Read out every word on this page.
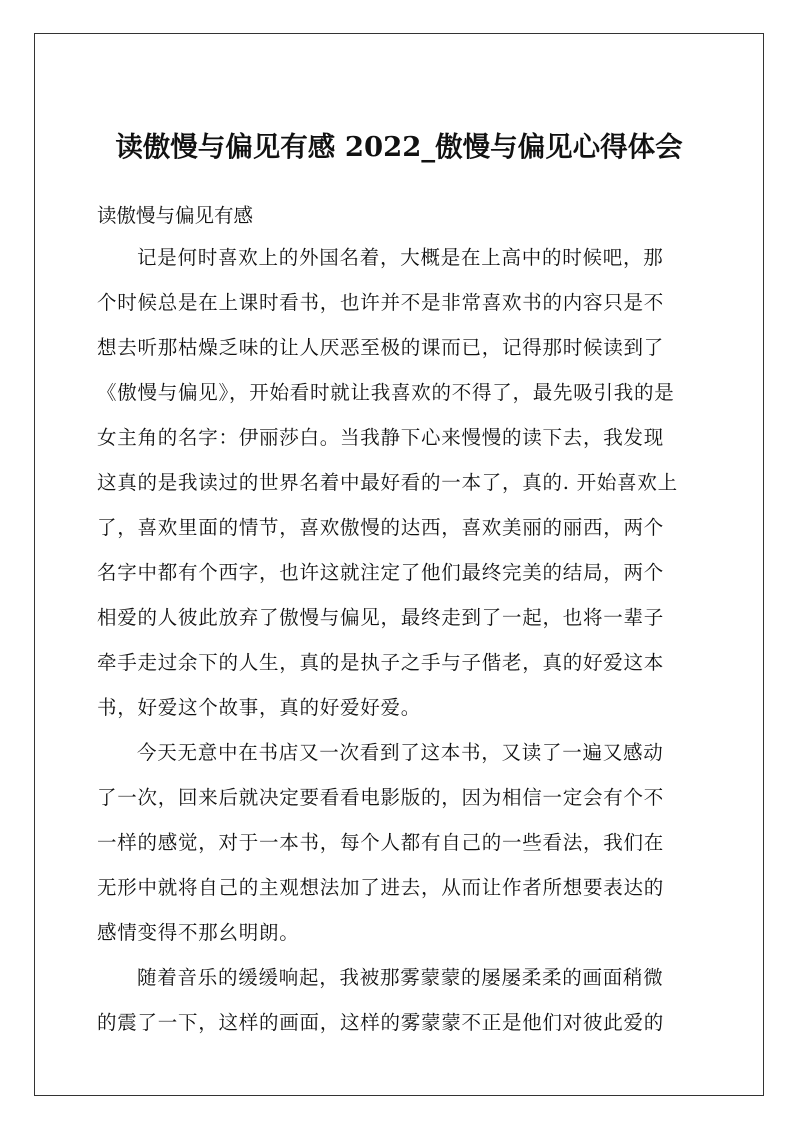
读傲慢与偏见有感 2022_傲慢与偏见心得体会
读傲慢与偏见有感
记是何时喜欢上的外国名着，大概是在上高中的时候吧，那
个时候总是在上课时看书，也许并不是非常喜欢书的内容只是不
想去听那枯燥乏味的让人厌恶至极的课而已，记得那时候读到了
《傲慢与偏见》，开始看时就让我喜欢的不得了，最先吸引我的是
女主角的名字：伊丽莎白。当我静下心来慢慢的读下去，我发现
这真的是我读过的世界名着中最好看的一本了，真的. 开始喜欢上
了，喜欢里面的情节，喜欢傲慢的达西，喜欢美丽的丽西，两个
名字中都有个西字，也许这就注定了他们最终完美的结局，两个
相爱的人彼此放弃了傲慢与偏见，最终走到了一起，也将一辈子
牵手走过余下的人生，真的是执子之手与子偕老，真的好爱这本
书，好爱这个故事，真的好爱好爱。
今天无意中在书店又一次看到了这本书，又读了一遍又感动
了一次，回来后就决定要看看电影版的，因为相信一定会有个不
一样的感觉，对于一本书，每个人都有自己的一些看法，我们在
无形中就将自己的主观想法加了进去，从而让作者所想要表达的
感情变得不那幺明朗。
随着音乐的缓缓响起，我被那雾蒙蒙的屡屡柔柔的画面稍微
的震了一下，这样的画面，这样的雾蒙蒙不正是他们对彼此爱的
